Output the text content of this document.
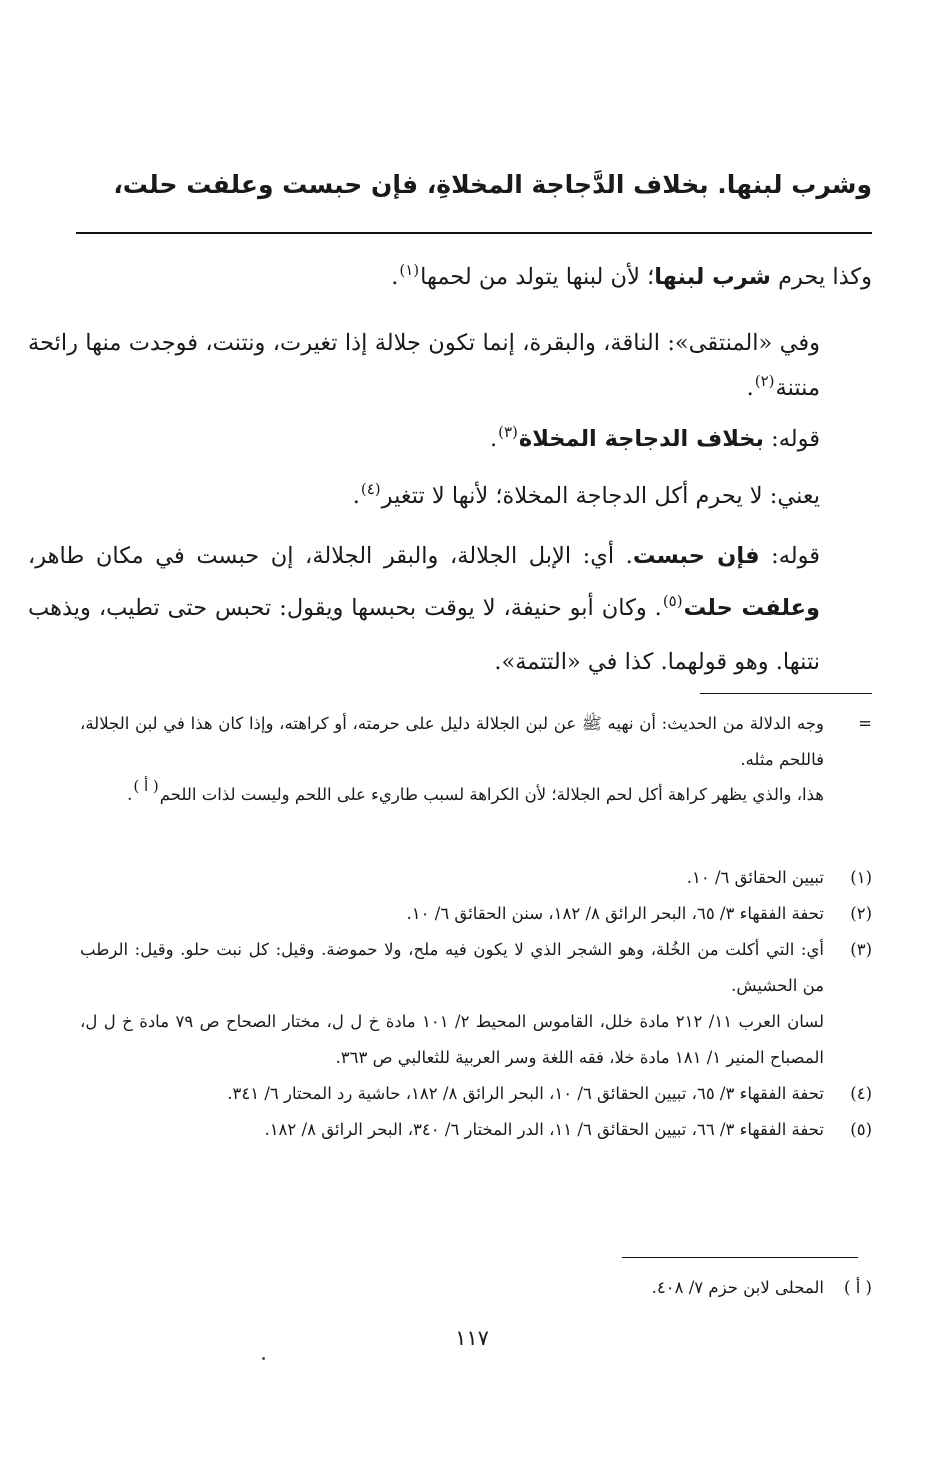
وشرب لبنها. بخلاف الدَّجاجة المخلاةِ، فإن حبست وعلفت حلت،
وكذا يحرم شرب لبنها؛ لأن لبنها يتولد من لحمها$^{(١)}$.
وفي «المنتقى»: الناقة، والبقرة، إنما تكون جلالة إذا تغيرت، ونتنت، فوجدت منها رائحة منتنة$^{(٢)}$.
قوله: بخلاف الدجاجة المخلاة$^{(٣)}$.
يعني: لا يحرم أكل الدجاجة المخلاة؛ لأنها لا تتغير$^{(٤)}$.
قوله: فإن حبست. أي: الإبل الجلالة، والبقر الجلالة، إن حبست في مكان طاهر، وعلفت حلت$^{(٥)}$. وكان أبو حنيفة، لا يوقت بحبسها ويقول: تحبس حتى تطيب، ويذهب نتنها. وهو قولهما. كذا في «التتمة».
=
وجه الدلالة من الحديث: أن نهيه ﷺ عن لبن الجلالة دليل على حرمته، أو كراهته، وإذا كان هذا في لبن الجلالة، فاللحم مثله.
هذا، والذي يظهر كراهة أكل لحم الجلالة؛ لأن الكراهة لسبب طاريء على اللحم وليست لذات اللحم( أ ).
(١)
تبيين الحقائق ٦/ ١٠.
(٢)
تحفة الفقهاء ٣/ ٦٥، البحر الرائق ٨/ ١٨٢، سنن الحقائق ٦/ ١٠.
(٣)
أي: التي أكلت من الخُلة، وهو الشجر الذي لا يكون فيه ملح، ولا حموضة. وقيل: كل نبت حلو. وقيل: الرطب من الحشيش.
لسان العرب ١١/ ٢١٢ مادة خلل، القاموس المحيط ٢/ ١٠١ مادة خ ل ل، مختار الصحاح ص ٧٩ مادة خ ل ل، المصباح المنير ١/ ١٨١ مادة خلا، فقه اللغة وسر العربية للثعالبي ص ٣٦٣.
(٤)
تحفة الفقهاء ٣/ ٦٥، تبيين الحقائق ٦/ ١٠، البحر الرائق ٨/ ١٨٢، حاشية رد المحتار ٦/ ٣٤١.
(٥)
تحفة الفقهاء ٣/ ٦٦، تبيين الحقائق ٦/ ١١، الدر المختار ٦/ ٣٤٠، البحر الرائق ٨/ ١٨٢.
( أ )
المحلى لابن حزم ٧/ ٤٠٨.
١١٧
